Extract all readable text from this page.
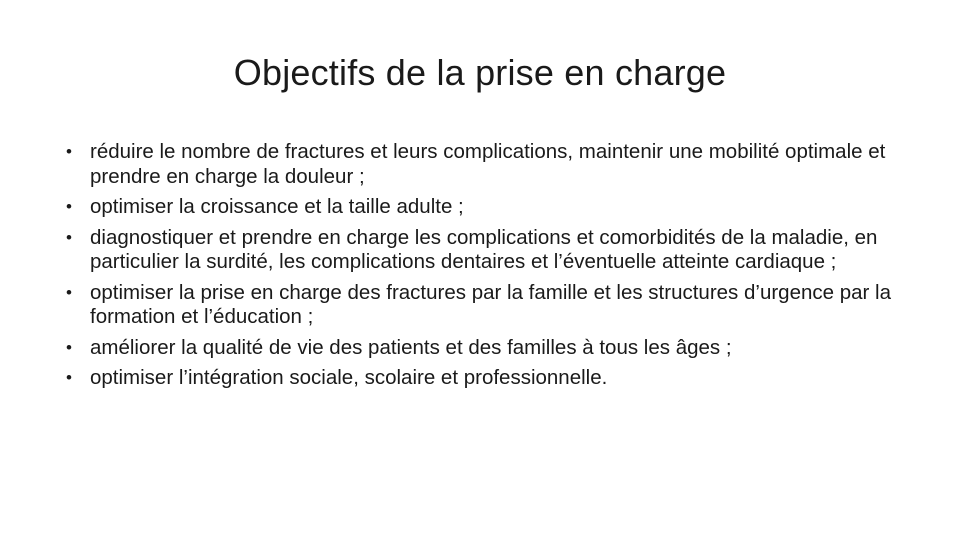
Objectifs de la prise en charge
• réduire le nombre de fractures et leurs complications, maintenir une mobilité optimale et prendre en charge la douleur ;
• optimiser la croissance et la taille adulte ;
• diagnostiquer et prendre en charge les complications et comorbidités de la maladie, en particulier la surdité, les complications dentaires et l’éventuelle atteinte cardiaque ;
• optimiser la prise en charge des fractures par la famille et les structures d’urgence par la formation et l’éducation ;
• améliorer la qualité de vie des patients et des familles à tous les âges ;
• optimiser l’intégration sociale, scolaire et professionnelle.
